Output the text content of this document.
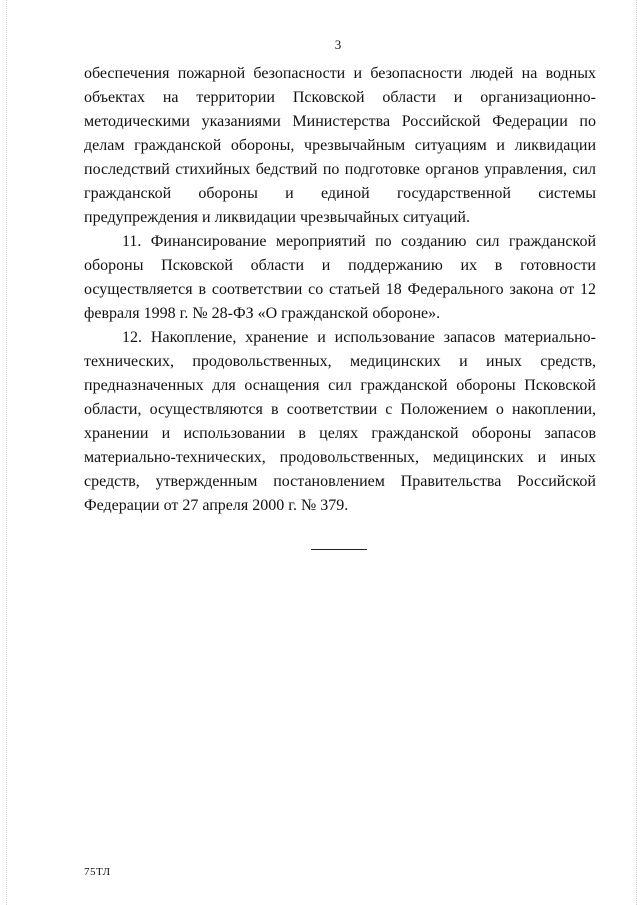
3

обеспечения пожарной безопасности и безопасности людей на водных объектах на территории Псковской области и организационно-методическими указаниями Министерства Российской Федерации по делам гражданской обороны, чрезвычайным ситуациям и ликвидации последствий стихийных бедствий по подготовке органов управления, сил гражданской обороны и единой государственной системы предупреждения и ликвидации чрезвычайных ситуаций.

11. Финансирование мероприятий по созданию сил гражданской обороны Псковской области и поддержанию их в готовности осуществляется в соответствии со статьей 18 Федерального закона от 12 февраля 1998 г. № 28-ФЗ «О гражданской обороне».

12. Накопление, хранение и использование запасов материально-технических, продовольственных, медицинских и иных средств, предназначенных для оснащения сил гражданской обороны Псковской области, осуществляются в соответствии с Положением о накоплении, хранении и использовании в целях гражданской обороны запасов материально-технических, продовольственных, медицинских и иных средств, утвержденным постановлением Правительства Российской Федерации от 27 апреля 2000 г. № 379.

75ТЛ
